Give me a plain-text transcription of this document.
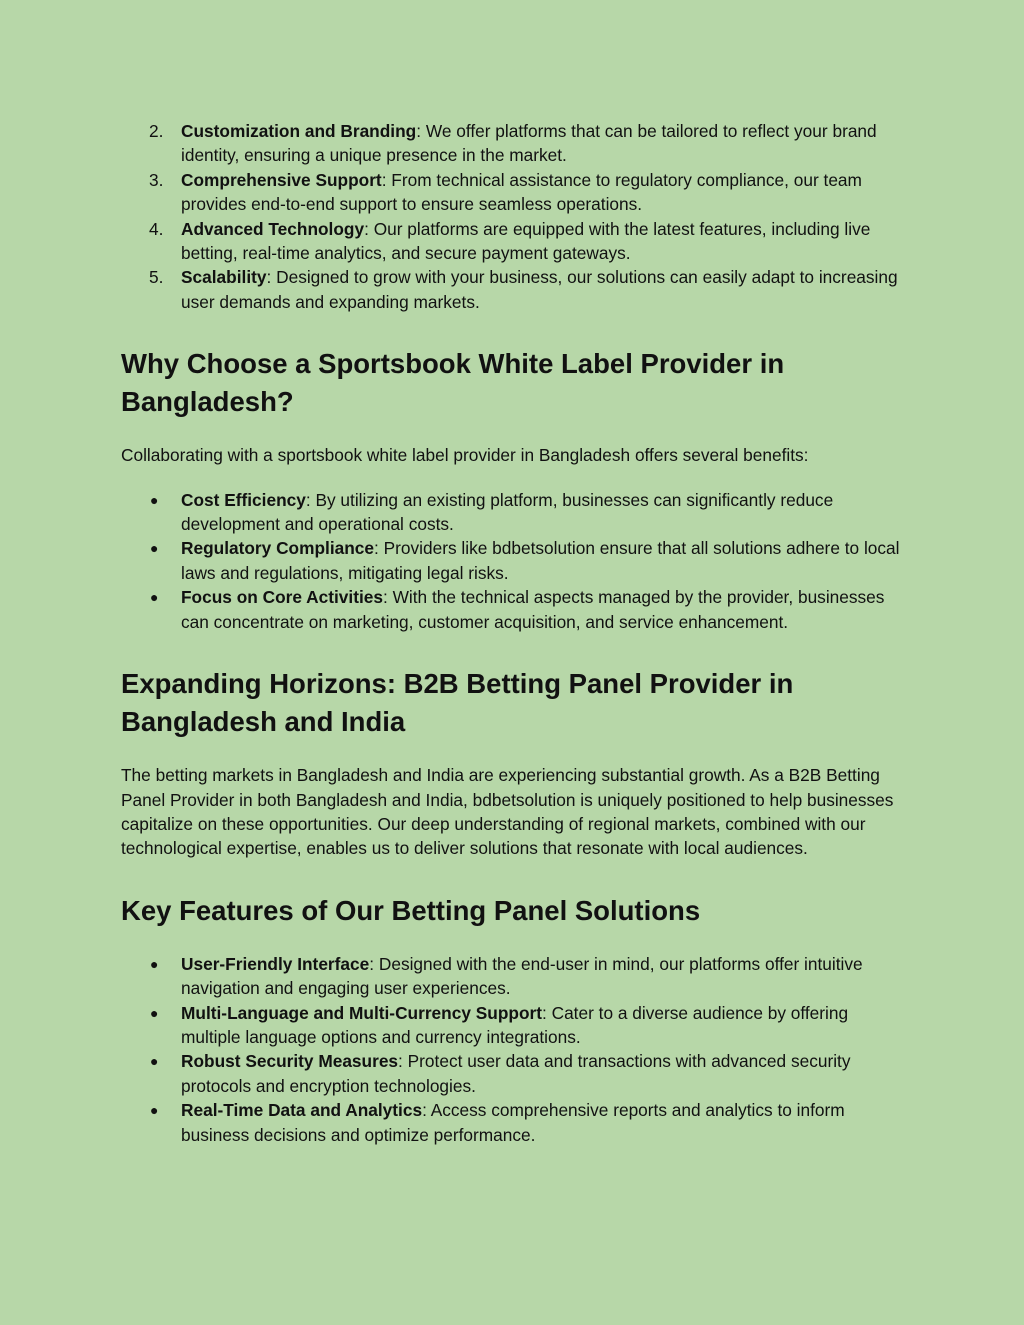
2. Customization and Branding: We offer platforms that can be tailored to reflect your brand identity, ensuring a unique presence in the market.
3. Comprehensive Support: From technical assistance to regulatory compliance, our team provides end-to-end support to ensure seamless operations.
4. Advanced Technology: Our platforms are equipped with the latest features, including live betting, real-time analytics, and secure payment gateways.
5. Scalability: Designed to grow with your business, our solutions can easily adapt to increasing user demands and expanding markets.
Why Choose a Sportsbook White Label Provider in Bangladesh?

Collaborating with a sportsbook white label provider in Bangladesh offers several benefits:

● Cost Efficiency: By utilizing an existing platform, businesses can significantly reduce development and operational costs.
● Regulatory Compliance: Providers like bdbetsolution ensure that all solutions adhere to local laws and regulations, mitigating legal risks.
● Focus on Core Activities: With the technical aspects managed by the provider, businesses can concentrate on marketing, customer acquisition, and service enhancement.
Expanding Horizons: B2B Betting Panel Provider in Bangladesh and India

The betting markets in Bangladesh and India are experiencing substantial growth. As a B2B Betting Panel Provider in both Bangladesh and India, bdbetsolution is uniquely positioned to help businesses capitalize on these opportunities. Our deep understanding of regional markets, combined with our technological expertise, enables us to deliver solutions that resonate with local audiences.

Key Features of Our Betting Panel Solutions
● User-Friendly Interface: Designed with the end-user in mind, our platforms offer intuitive navigation and engaging user experiences.
● Multi-Language and Multi-Currency Support: Cater to a diverse audience by offering multiple language options and currency integrations.
● Robust Security Measures: Protect user data and transactions with advanced security protocols and encryption technologies.
● Real-Time Data and Analytics: Access comprehensive reports and analytics to inform business decisions and optimize performance.
